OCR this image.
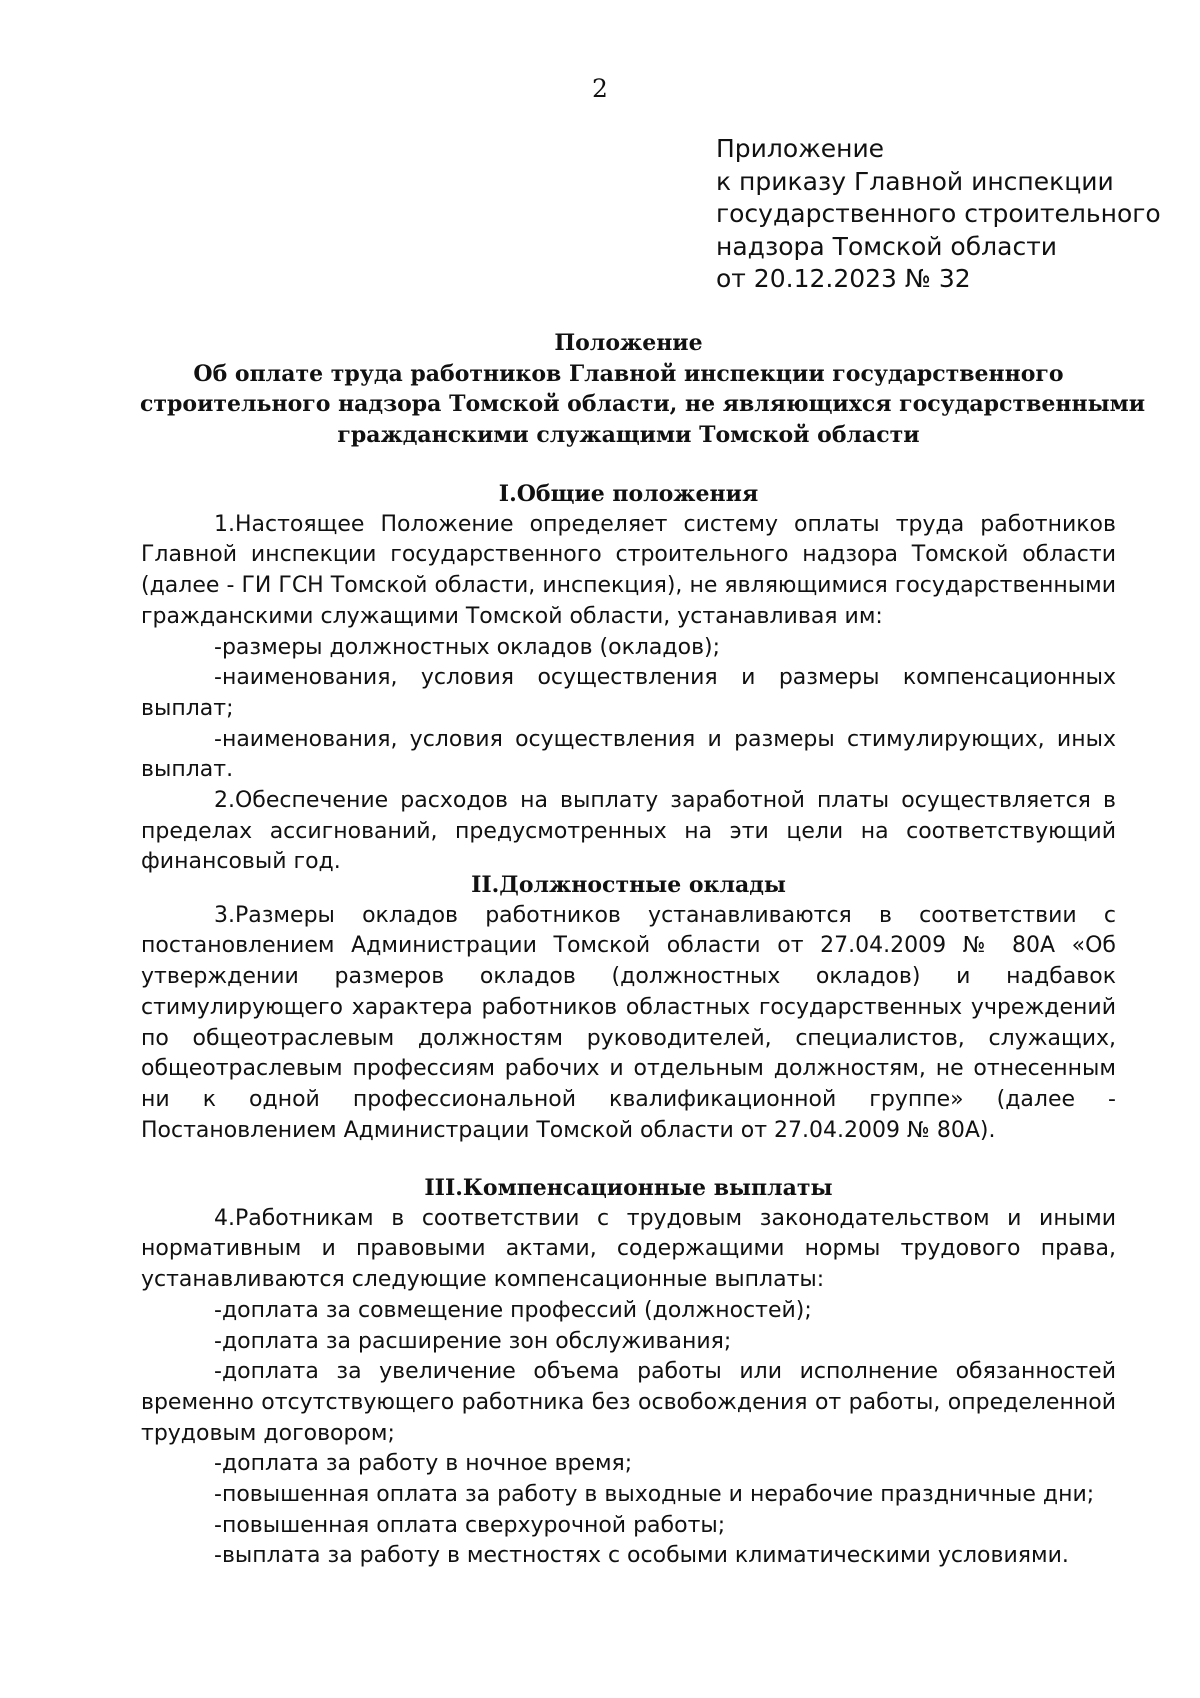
2
Приложение
к приказу Главной инспекции
государственного строительного
надзора Томской области
от 20.12.2023 № 32
Положение
Об оплате труда работников Главной инспекции государственного
строительного надзора Томской области, не являющихся государственными
гражданскими служащими Томской области
I.Общие положения

1.Настоящее Положение определяет систему оплаты труда работников Главной инспекции государственного строительного надзора Томской области (далее - ГИ ГСН Томской области, инспекция), не являющимися государственными гражданскими служащими Томской области, устанавливая им:

-размеры должностных окладов (окладов);

-наименования, условия осуществления и размеры компенсационных выплат;

-наименования, условия осуществления и размеры стимулирующих, иных выплат.

2.Обеспечение расходов на выплату заработной платы осуществляется в пределах ассигнований, предусмотренных на эти цели на соответствующий финансовый год.

II.Должностные оклады

3.Размеры окладов работников устанавливаются в соответствии с постановлением Администрации Томской области от 27.04.2009 № 80А «Об утверждении размеров окладов (должностных окладов) и надбавок стимулирующего характера работников областных государственных учреждений по общеотраслевым должностям руководителей, специалистов, служащих, общеотраслевым профессиям рабочих и отдельным должностям, не отнесенным ни к одной профессиональной квалификационной группе» (далее - Постановлением Администрации Томской области от 27.04.2009 № 80А).

III.Компенсационные выплаты

4.Работникам в соответствии с трудовым законодательством и иными нормативным и правовыми актами, содержащими нормы трудового права, устанавливаются следующие компенсационные выплаты:

-доплата за совмещение профессий (должностей);

-доплата за расширение зон обслуживания;

-доплата за увеличение объема работы или исполнение обязанностей временно отсутствующего работника без освобождения от работы, определенной трудовым договором;

-доплата за работу в ночное время;

-повышенная оплата за работу в выходные и нерабочие праздничные дни;

-повышенная оплата сверхурочной работы;

-выплата за работу в местностях с особыми климатическими условиями.
